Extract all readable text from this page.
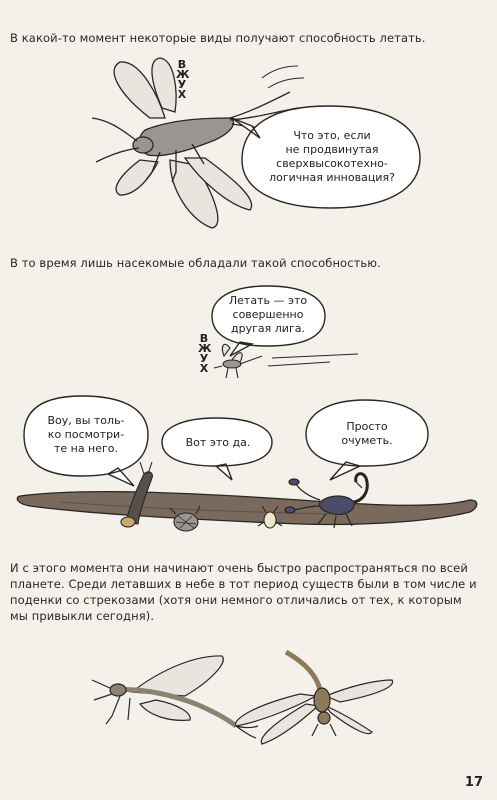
В какой-то момент некоторые виды получают способность летать.

В то время лишь насекомые обладали такой способностью.

И с этого момента они начинают очень быстро распространяться по всей планете. Среди летавших в небе в тот период существ были в том числе и поденки со стрекозами (хотя они немного отличались от тех, к которым мы привыкли сегодня).

В
Ж
У
Х
В
Ж
У
Х
Что это, если
не продвинутая
сверхвысокотехно-
логичная инновация?
Летать — это
совершенно
другая лига.
Воу, вы толь-
ко посмотри-
те на него.	Вот это да.
Просто
очуметь.
17
